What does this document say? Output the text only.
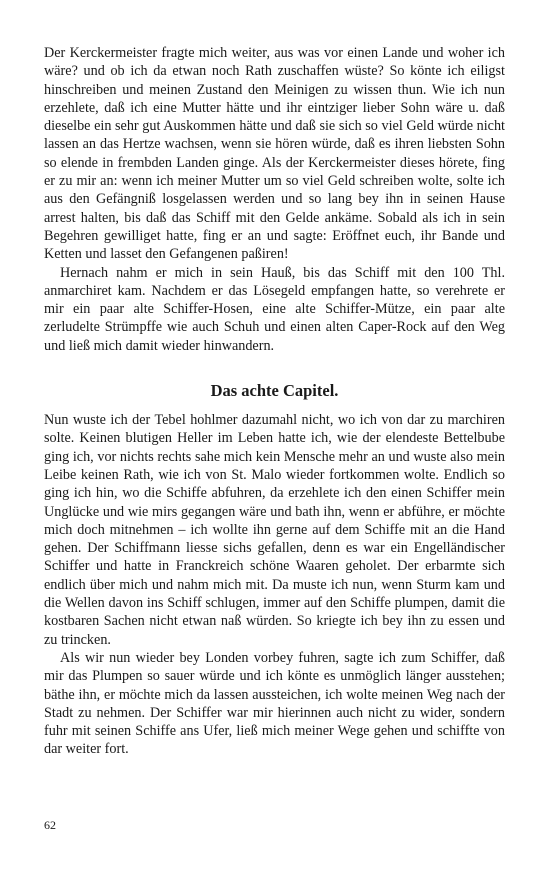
Der Kerckermeister fragte mich weiter, aus was vor einen Lande und woher ich wäre? und ob ich da etwan noch Rath zuschaffen wüste? So könte ich eiligst hinschreiben und meinen Zustand den Meinigen zu wissen thun. Wie ich nun erzehlete, daß ich eine Mutter hätte und ihr eintziger lieber Sohn wäre u. daß dieselbe ein sehr gut Auskommen hätte und daß sie sich so viel Geld würde nicht lassen an das Hertze wachsen, wenn sie hören würde, daß es ihren liebsten Sohn so elende in frembden Landen ginge. Als der Kerckermeister dieses hörete, fing er zu mir an: wenn ich meiner Mutter um so viel Geld schreiben wolte, solte ich aus den Gefängniß losgelassen werden und so lang bey ihn in seinen Hause arrest halten, bis daß das Schiff mit den Gelde ankäme. Sobald als ich in sein Begehren gewilliget hatte, fing er an und sagte: Eröffnet euch, ihr Bande und Ketten und lasset den Gefangenen paßiren!

Hernach nahm er mich in sein Hauß, bis das Schiff mit den 100 Thl. anmarchiret kam. Nachdem er das Lösegeld empfangen hatte, so verehrete er mir ein paar alte Schiffer-Hosen, eine alte Schiffer-Mütze, ein paar alte zerludelte Strümpffe wie auch Schuh und einen alten Caper-Rock auf den Weg und ließ mich damit wieder hinwandern.

Das achte Capitel.

Nun wuste ich der Tebel hohlmer dazumahl nicht, wo ich von dar zu marchiren solte. Keinen blutigen Heller im Leben hatte ich, wie der elendeste Bettelbube ging ich, vor nichts rechts sahe mich kein Mensche mehr an und wuste also mein Leibe keinen Rath, wie ich von St. Malo wieder fortkommen wolte. Endlich so ging ich hin, wo die Schiffe abfuhren, da erzehlete ich den einen Schiffer mein Unglücke und wie mirs gegangen wäre und bath ihn, wenn er abführe, er möchte mich doch mitnehmen – ich wollte ihn gerne auf dem Schiffe mit an die Hand gehen. Der Schiffmann liesse sichs gefallen, denn es war ein Engelländischer Schiffer und hatte in Franckreich schöne Waaren geholet. Der erbarmte sich endlich über mich und nahm mich mit. Da muste ich nun, wenn Sturm kam und die Wellen davon ins Schiff schlugen, immer auf den Schiffe plumpen, damit die kostbaren Sachen nicht etwan naß würden. So kriegte ich bey ihn zu essen und zu trincken.

Als wir nun wieder bey Londen vorbey fuhren, sagte ich zum Schiffer, daß mir das Plumpen so sauer würde und ich könte es unmöglich länger ausstehen; bäthe ihn, er möchte mich da lassen aussteichen, ich wolte meinen Weg nach der Stadt zu nehmen. Der Schiffer war mir hierinnen auch nicht zu wider, sondern fuhr mit seinen Schiffe ans Ufer, ließ mich meiner Wege gehen und schiffte von dar weiter fort.

62
